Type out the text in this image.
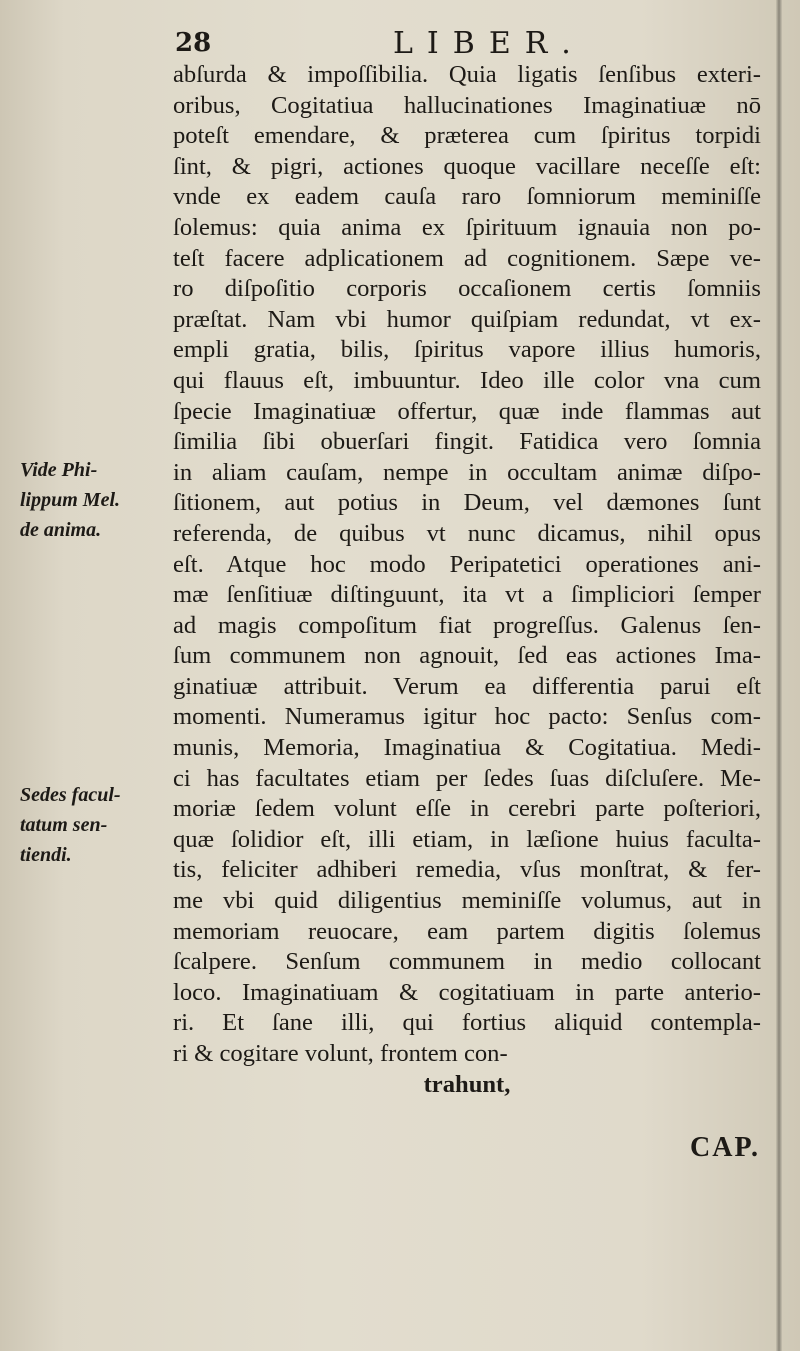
28	LIBER.
Vide Phi-
lippum Mel.
de anima.
Sedes facul-
tatum sen-
tiendi.
abſurda & impoſſibilia. Quia ligatis ſenſibus exteri-
oribus, Cogitatiua hallucinationes Imaginatiuæ nō
poteſt emendare, & præterea cum ſpiritus torpidi
ſint, & pigri, actiones quoque vacillare neceſſe eſt:
vnde ex eadem cauſa raro ſomniorum meminiſſe
ſolemus: quia anima ex ſpirituum ignauia non po-
teſt facere adplicationem ad cognitionem. Sæpe ve-
ro diſpoſitio corporis occaſionem certis ſomniis
præſtat. Nam vbi humor quiſpiam redundat, vt ex-
empli gratia, bilis, ſpiritus vapore illius humoris,
qui flauus eſt, imbuuntur. Ideo ille color vna cum
ſpecie Imaginatiuæ offertur, quæ inde flammas aut
ſimilia ſibi obuerſari fingit. Fatidica vero ſomnia
in aliam cauſam, nempe in occultam animæ diſpo-
ſitionem, aut potius in Deum, vel dæmones ſunt
referenda, de quibus vt nunc dicamus, nihil opus
eſt. Atque hoc modo Peripatetici operationes ani-
mæ ſenſitiuæ diſtinguunt, ita vt a ſimpliciori ſemper
ad magis compoſitum fiat progreſſus. Galenus ſen-
ſum communem non agnouit, ſed eas actiones Ima-
ginatiuæ attribuit. Verum ea differentia parui eſt
momenti. Numeramus igitur hoc pacto: Senſus com-
munis, Memoria, Imaginatiua & Cogitatiua. Medi-
ci has facultates etiam per ſedes ſuas diſcluſere. Me-
moriæ ſedem volunt eſſe in cerebri parte poſteriori,
quæ ſolidior eſt, illi etiam, in læſione huius faculta-
tis, feliciter adhiberi remedia, vſus monſtrat, & fer-
me vbi quid diligentius meminiſſe volumus, aut in
memoriam reuocare, eam partem digitis ſolemus
ſcalpere. Senſum communem in medio collocant
loco. Imaginatiuam & cogitatiuam in parte anterio-
ri. Et ſane illi, qui fortius aliquid contempla-
ri & cogitare volunt, frontem con-
trahunt,
CAP.
